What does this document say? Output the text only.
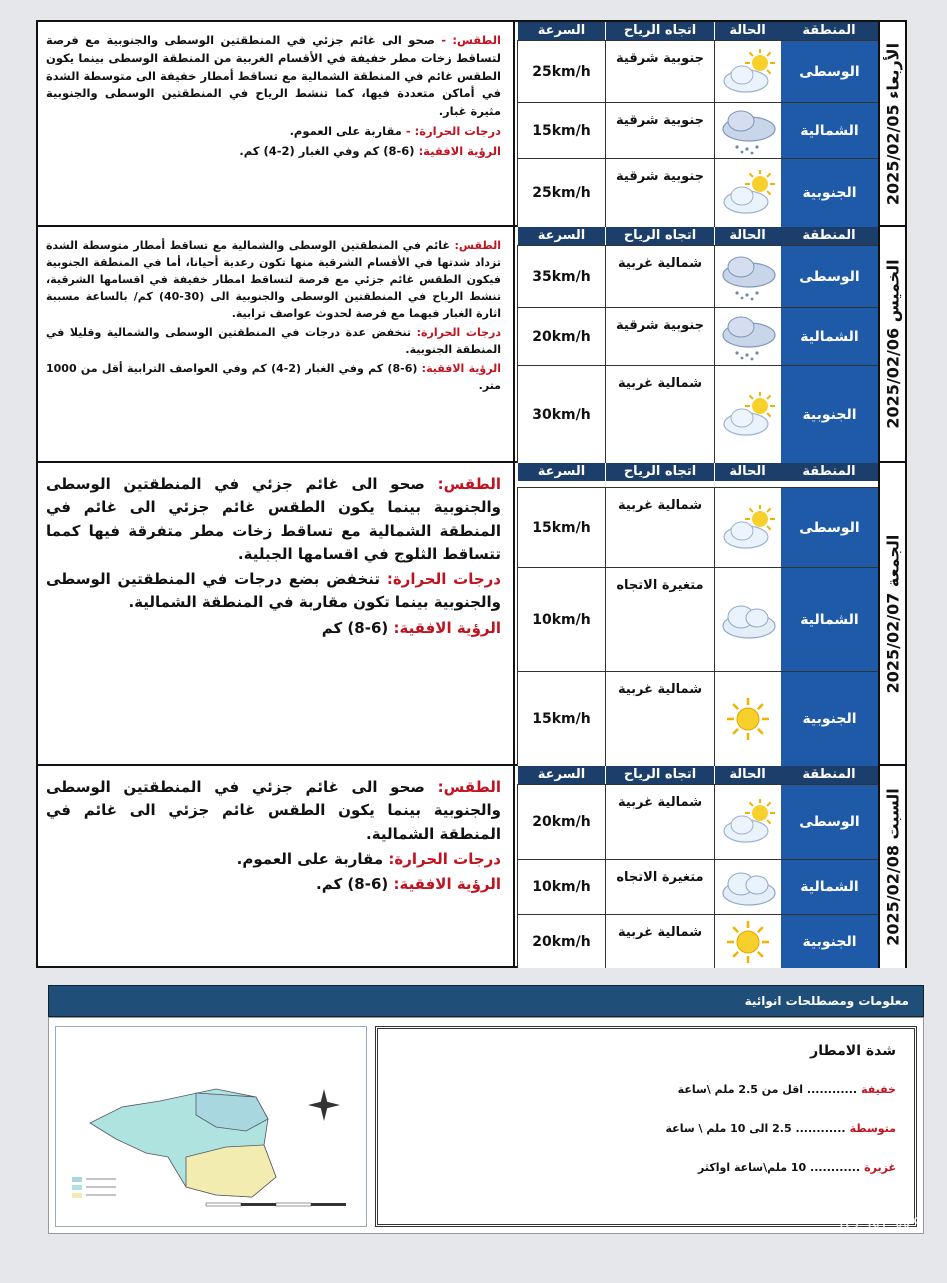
الأربعاء 2025/02/05
المنطقة
الحالة
اتجاه الرياح
السرعة
الوسطى
جنوبية شرقية
25km/h
الشمالية
جنوبية شرقية
15km/h
الجنوبية
جنوبية شرقية
25km/h

الطقس: - صحو الى غائم جزئي في المنطقتين الوسطى والجنوبية مع فرصة لتساقط زخات مطر خفيفة في الأقسام الغربية من المنطقة الوسطى بينما يكون الطقس غائم في المنطقة الشمالية مع تساقط أمطار خفيفة الى متوسطة الشدة في أماكن متعددة فيها، كما تنشط الرياح في المنطقتين الوسطى والجنوبية مثيرة غبار.

درجات الحرارة: - مقاربة على العموم.

الرؤية الافقية: (6-8) كم وفي الغبار (2-4) كم.

الخميس 2025/02/06
المنطقة
الحالة
اتجاه الرياح
السرعة
الوسطى
شمالية غربية
35km/h
الشمالية
جنوبية شرقية
20km/h
الجنوبية
شمالية غربية
30km/h

الطقس: غائم في المنطقتين الوسطى والشمالية مع تساقط أمطار متوسطة الشدة تزداد شدتها في الأقسام الشرقية منها تكون رعدية أحيانا، أما في المنطقة الجنوبية فيكون الطقس غائم جزئي مع فرصة لتساقط امطار خفيفة في اقسامها الشرقية، تنشط الرياح في المنطقتين الوسطى والجنوبية الى (30-40) كم/ بالساعة مسببة اثارة الغبار فيهما مع فرصة لحدوث عواصف ترابية.

درجات الحرارة: تنخفض عدة درجات في المنطقتين الوسطى والشمالية وقليلا في المنطقة الجنوبية.

الرؤية الافقية: (6-8) كم وفي الغبار (2-4) كم وفي العواصف الترابية أقل من 1000 متر.

الجمعة 2025/02/07
المنطقة
الحالة
اتجاه الرياح
السرعة
الوسطى
شمالية غربية
15km/h
الشمالية
متغيرة الاتجاه
10km/h
الجنوبية
شمالية غربية
15km/h

الطقس: صحو الى غائم جزئي في المنطقتين الوسطى والجنوبية بينما يكون الطقس غائم جزئي الى غائم في المنطقة الشمالية مع تساقط زخات مطر متفرقة فيها كمما تتساقط الثلوج في اقسامها الجبلية.

درجات الحرارة: تنخفض بضع درجات في المنطقتين الوسطى والجنوبية بينما تكون مقاربة في المنطقة الشمالية.

الرؤية الافقية: (6-8) كم

السبت 2025/02/08
المنطقة
الحالة
اتجاه الرياح
السرعة
الوسطى
شمالية غربية
20km/h
الشمالية
متغيرة الاتجاه
10km/h
الجنوبية
شمالية غربية
20km/h

الطقس: صحو الى غائم جزئي في المنطقتين الوسطى والجنوبية بينما يكون الطقس غائم جزئي الى غائم في المنطقة الشمالية.

درجات الحرارة: مقاربة على العموم.

الرؤية الافقية: (6-8) كم.

معلومات ومصطلحات انوائية
شدة الامطار
خفيفة............ اقل من 2.5 ملم \ساعة
متوسطة............ 2.5 الى 10 ملم \ ساعة
غزيرة............ 10 ملم\ساعة اواكثر
IQ NEWS
